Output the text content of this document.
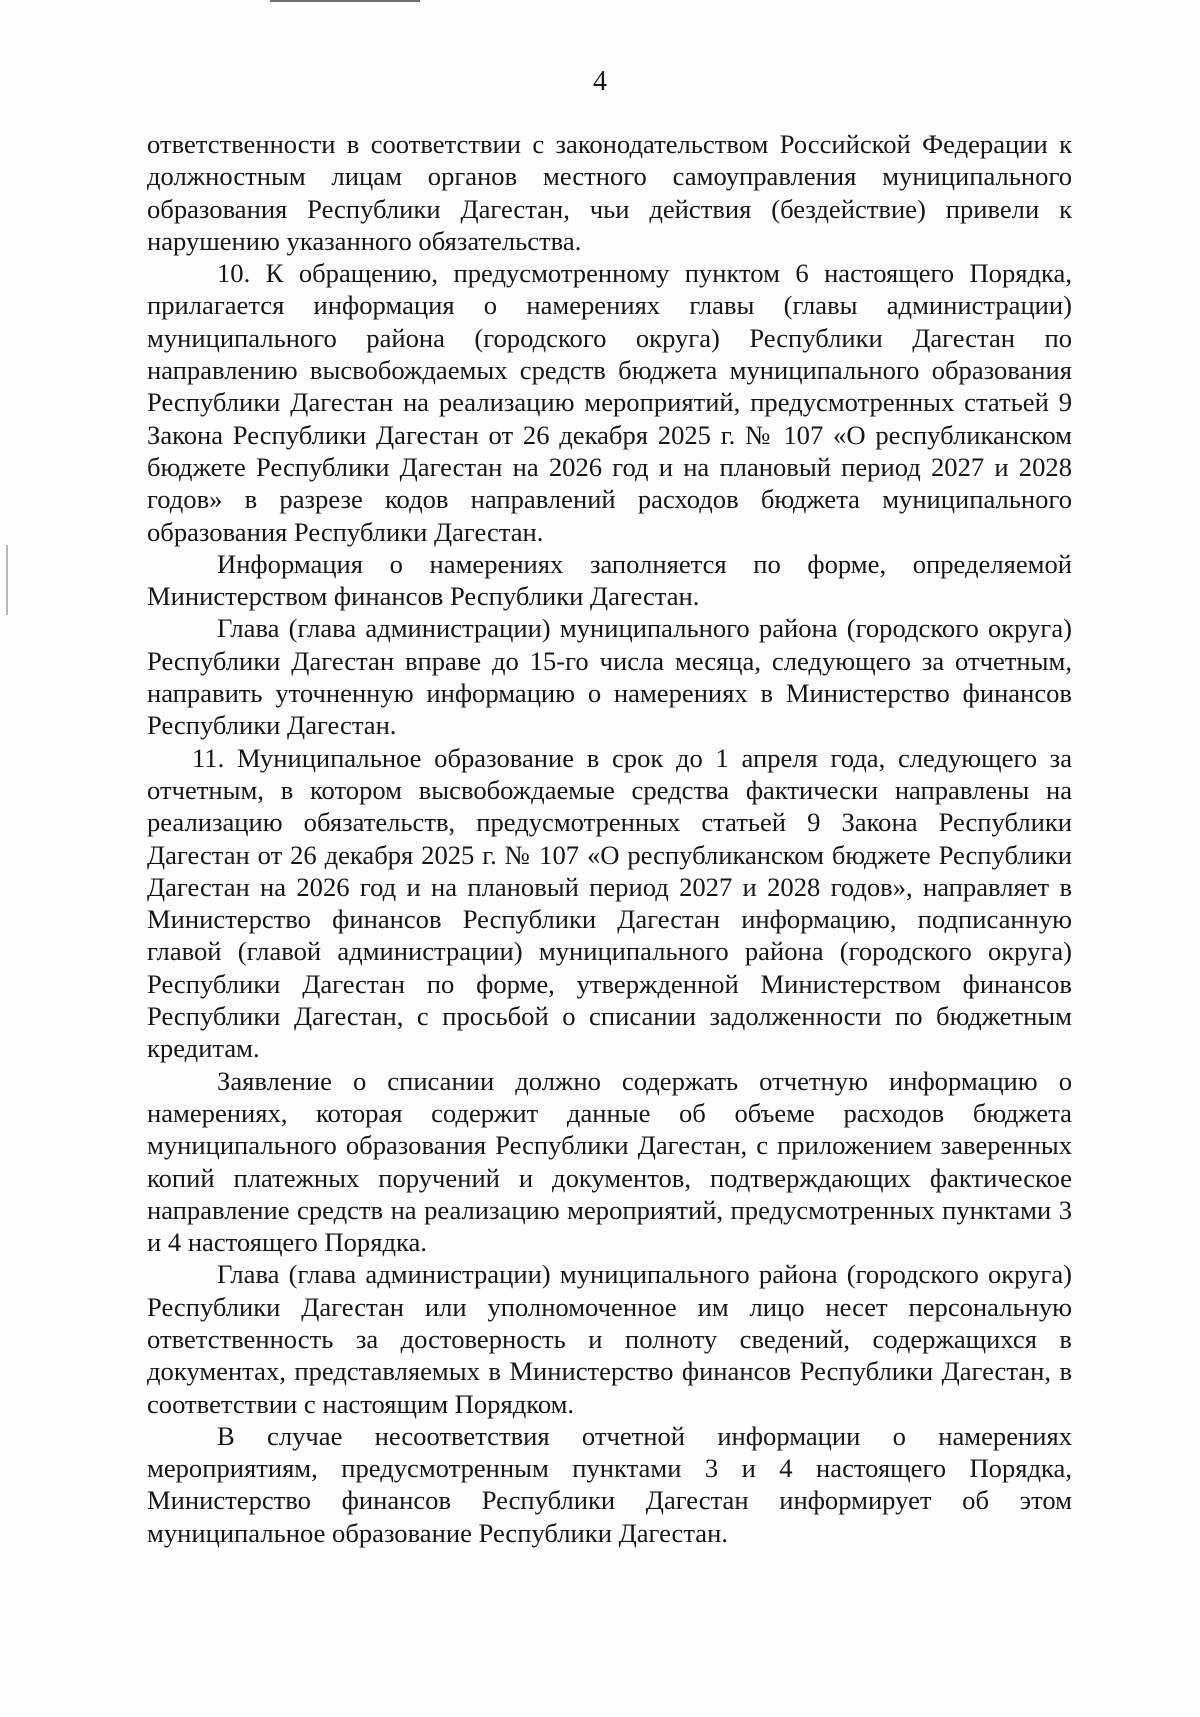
4

ответственности в соответствии с законодательством Российской Федерации к должностным лицам органов местного самоуправления муниципального образования Республики Дагестан, чьи действия (бездействие) привели к нарушению указанного обязательства.

10. К обращению, предусмотренному пунктом 6 настоящего Порядка, прилагается информация о намерениях главы (главы администрации) муниципального района (городского округа) Республики Дагестан по направлению высвобождаемых средств бюджета муниципального образования Республики Дагестан на реализацию мероприятий, предусмотренных статьей 9 Закона Республики Дагестан от 26 декабря 2025 г. № 107 «О республиканском бюджете Республики Дагестан на 2026 год и на плановый период 2027 и 2028 годов» в разрезе кодов направлений расходов бюджета муниципального образования Республики Дагестан.

Информация о намерениях заполняется по форме, определяемой Министерством финансов Республики Дагестан.

Глава (глава администрации) муниципального района (городского округа) Республики Дагестан вправе до 15-го числа месяца, следующего за отчетным, направить уточненную информацию о намерениях в Министерство финансов Республики Дагестан.

11. Муниципальное образование в срок до 1 апреля года, следующего за отчетным, в котором высвобождаемые средства фактически направлены на реализацию обязательств, предусмотренных статьей 9 Закона Республики Дагестан от 26 декабря 2025 г. № 107 «О республиканском бюджете Республики Дагестан на 2026 год и на плановый период 2027 и 2028 годов», направляет в Министерство финансов Республики Дагестан информацию, подписанную главой (главой администрации) муниципального района (городского округа) Республики Дагестан по форме, утвержденной Министерством финансов Республики Дагестан, с просьбой о списании задолженности по бюджетным кредитам.

Заявление о списании должно содержать отчетную информацию о намерениях, которая содержит данные об объеме расходов бюджета муниципального образования Республики Дагестан, с приложением заверенных копий платежных поручений и документов, подтверждающих фактическое направление средств на реализацию мероприятий, предусмотренных пунктами 3 и 4 настоящего Порядка.

Глава (глава администрации) муниципального района (городского округа) Республики Дагестан или уполномоченное им лицо несет персональную ответственность за достоверность и полноту сведений, содержащихся в документах, представляемых в Министерство финансов Республики Дагестан, в соответствии с настоящим Порядком.

В случае несоответствия отчетной информации о намерениях мероприятиям, предусмотренным пунктами 3 и 4 настоящего Порядка, Министерство финансов Республики Дагестан информирует об этом муниципальное образование Республики Дагестан.
